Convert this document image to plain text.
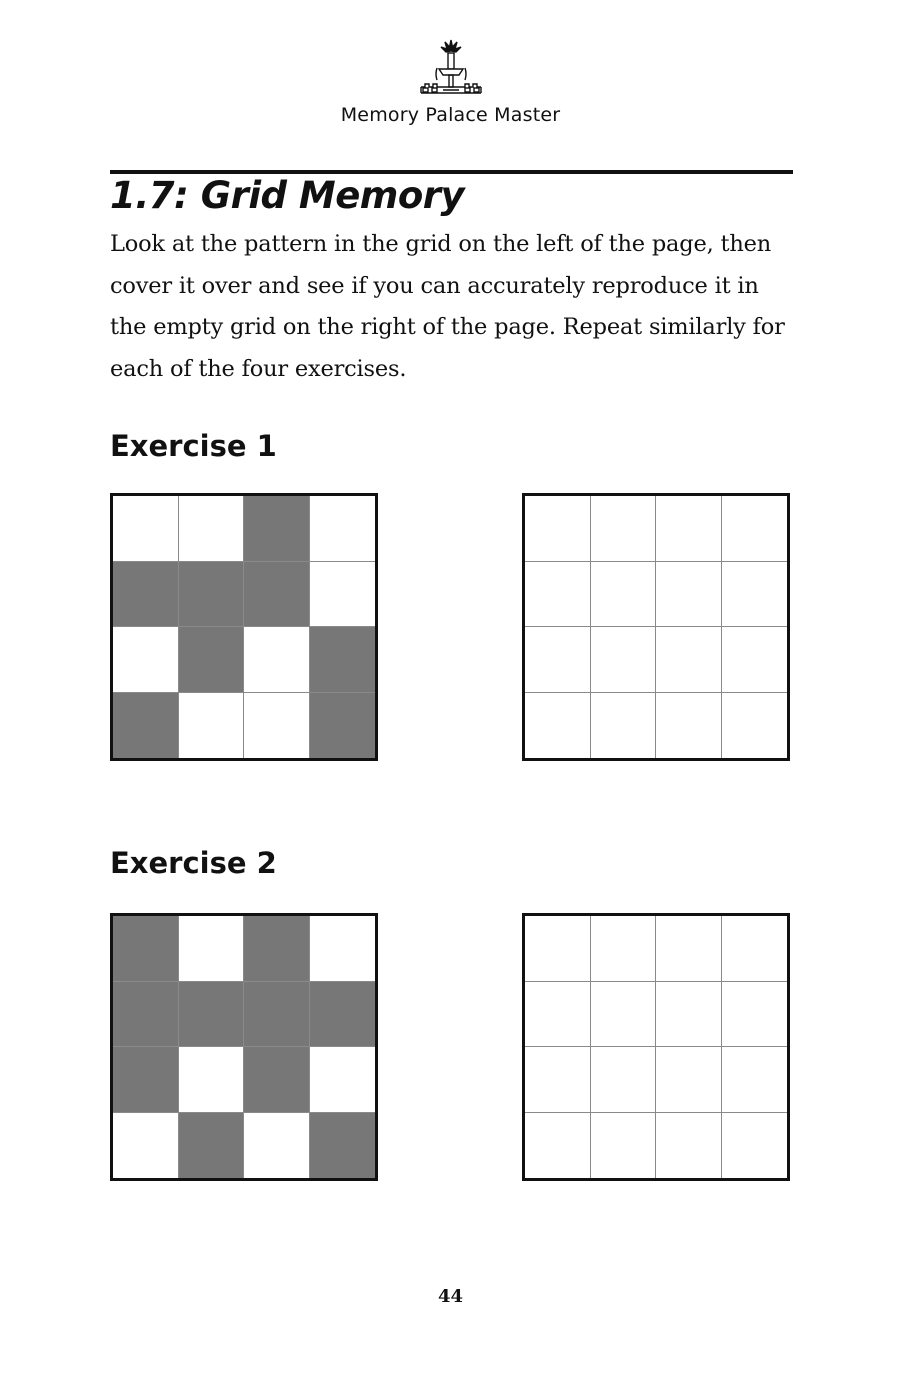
Memory Palace Master
1.7: Grid Memory

Look at the pattern in the grid on the left of the page, then cover it over and see if you can accurately reproduce it in the empty grid on the right of the page. Repeat similarly for each of the four exercises.

Exercise 1
Exercise 2

44
